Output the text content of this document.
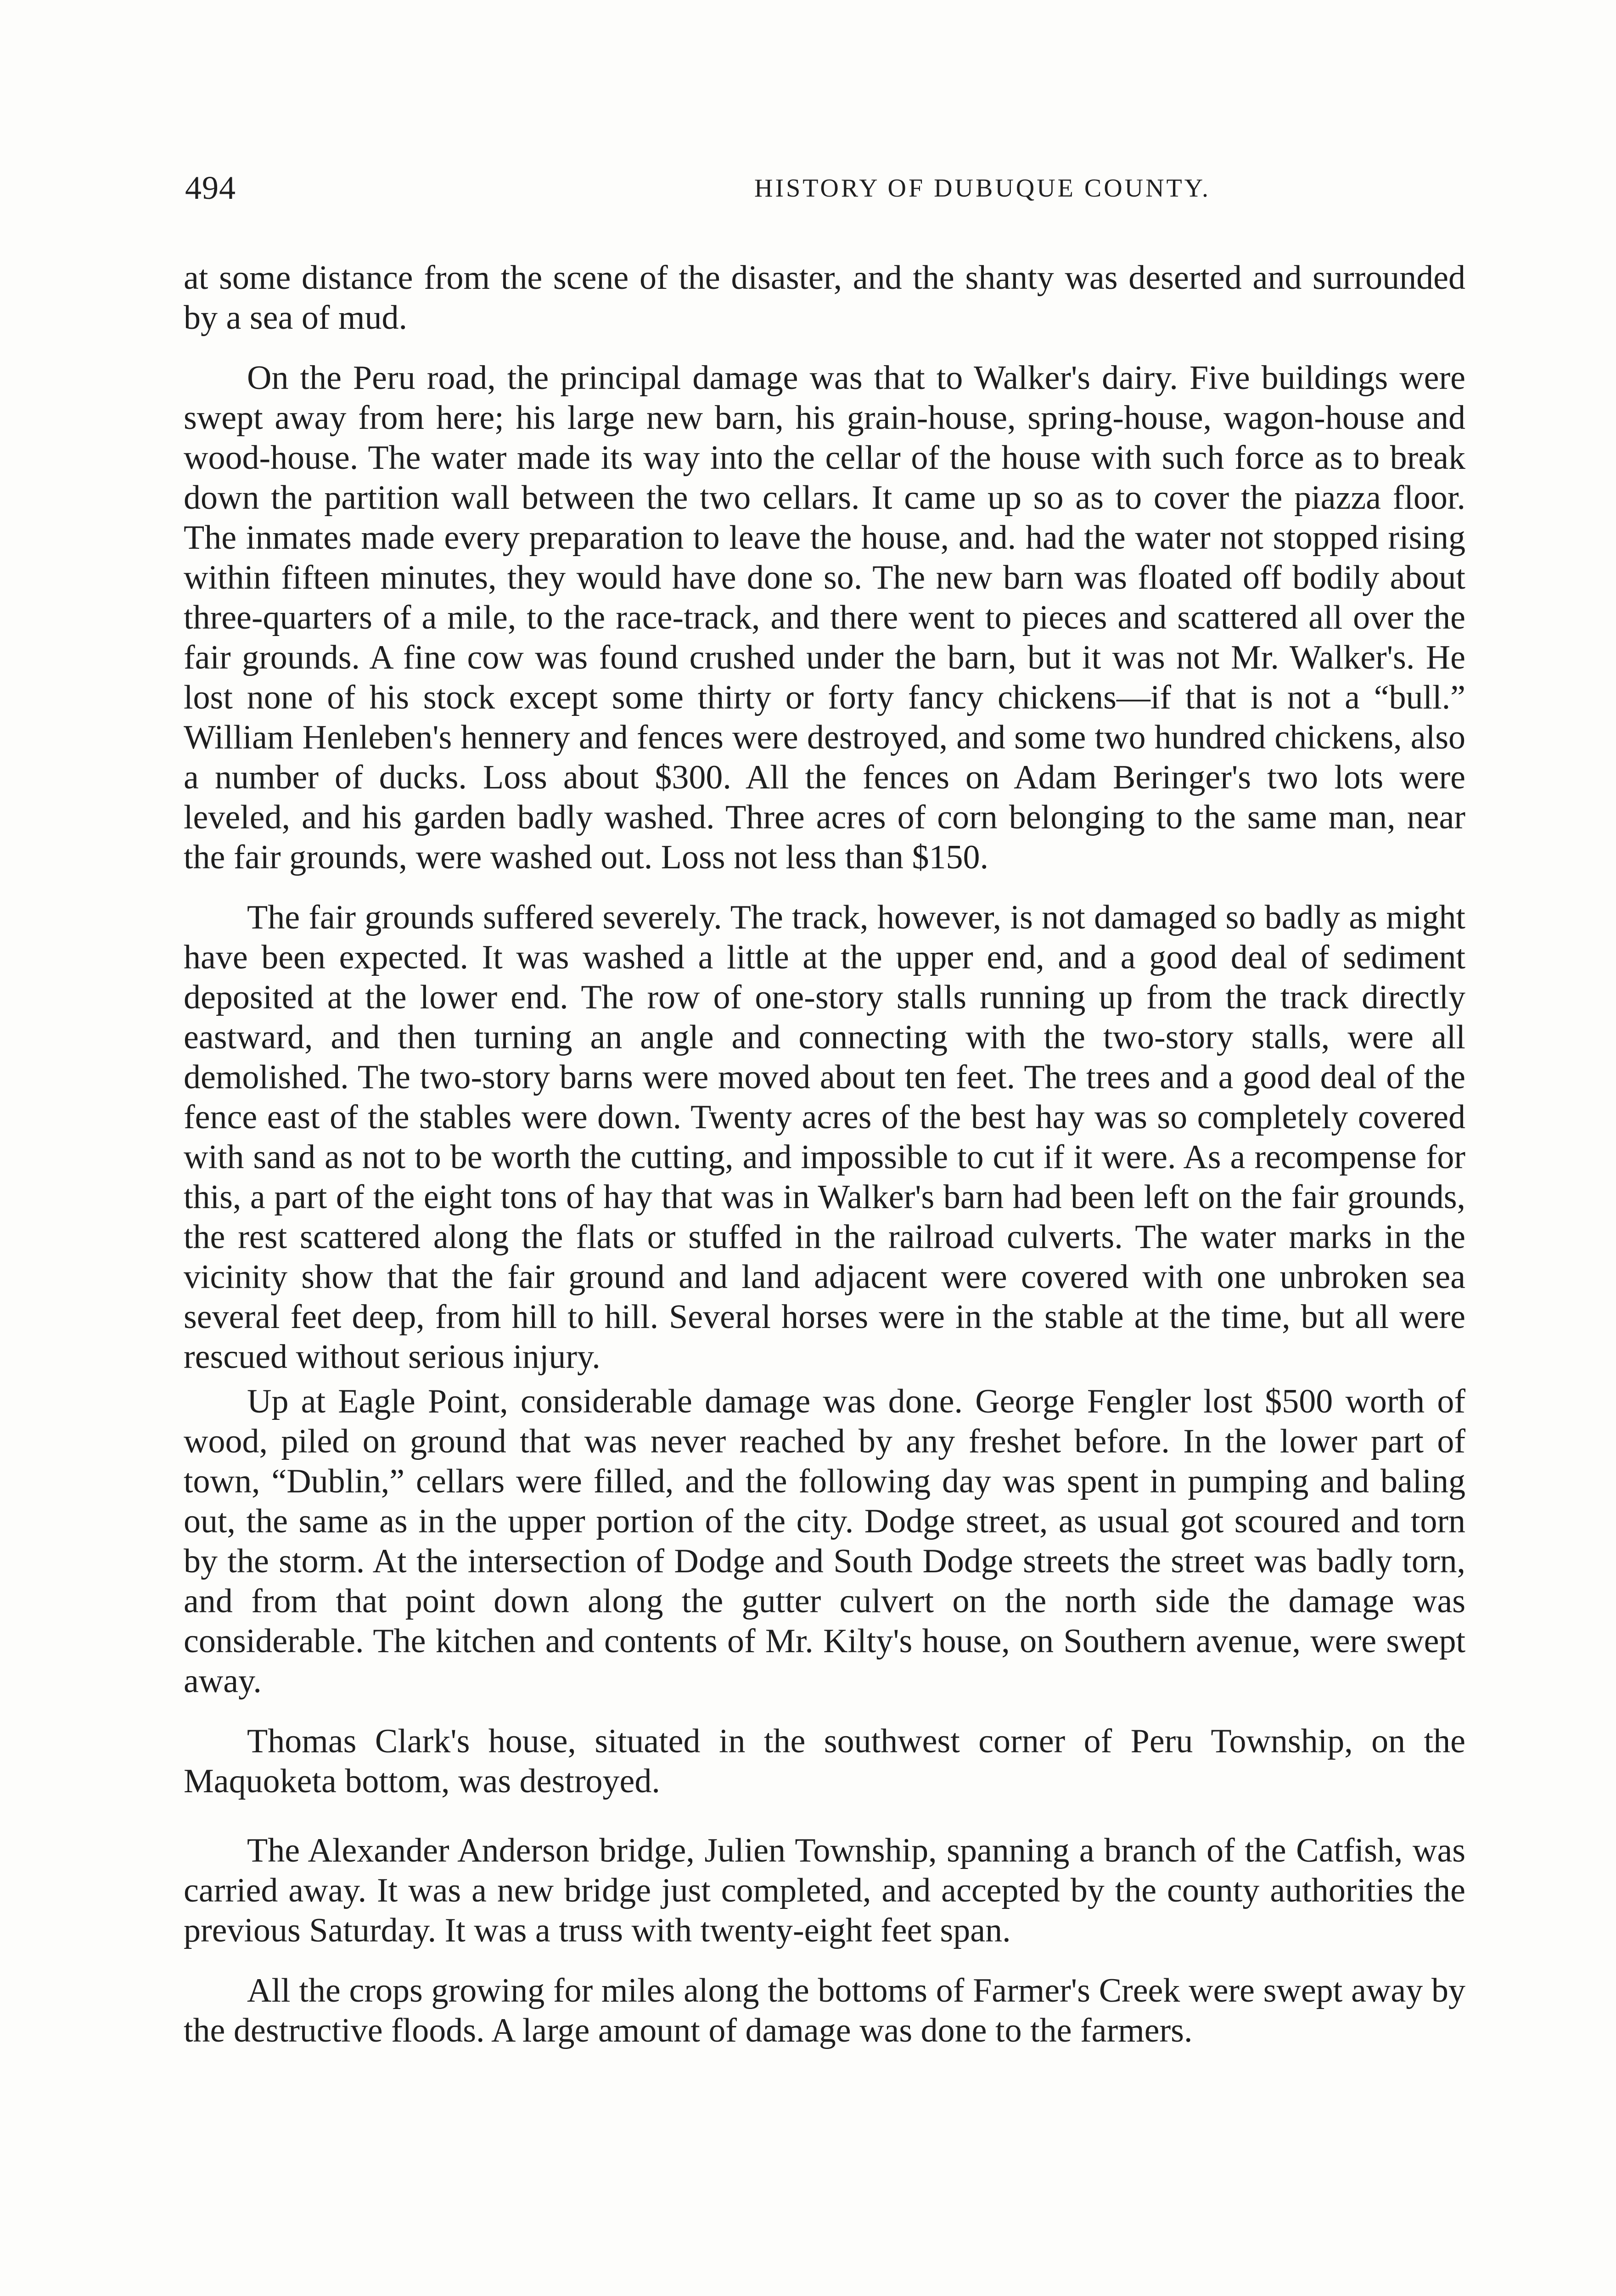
494	HISTORY OF DUBUQUE COUNTY.

at some distance from the scene of the disaster, and the shanty was deserted and surrounded by a sea of mud.

On the Peru road, the principal damage was that to Walker's dairy. Five buildings were swept away from here; his large new barn, his grain-house, spring-house, wagon-house and wood-house. The water made its way into the cellar of the house with such force as to break down the partition wall between the two cellars. It came up so as to cover the piazza floor. The inmates made every preparation to leave the house, and. had the water not stopped rising within fifteen minutes, they would have done so. The new barn was floated off bodily about three-quarters of a mile, to the race-track, and there went to pieces and scattered all over the fair grounds. A fine cow was found crushed under the barn, but it was not Mr. Walker's. He lost none of his stock except some thirty or forty fancy chickens—if that is not a “bull.” William Henleben's hennery and fences were destroyed, and some two hundred chickens, also a number of ducks. Loss about $300. All the fences on Adam Beringer's two lots were leveled, and his garden badly washed. Three acres of corn belonging to the same man, near the fair grounds, were washed out. Loss not less than $150.

The fair grounds suffered severely. The track, however, is not damaged so badly as might have been expected. It was washed a little at the upper end, and a good deal of sediment deposited at the lower end. The row of one-story stalls running up from the track directly eastward, and then turning an angle and connecting with the two-story stalls, were all demolished. The two-story barns were moved about ten feet. The trees and a good deal of the fence east of the stables were down. Twenty acres of the best hay was so completely covered with sand as not to be worth the cutting, and impossible to cut if it were. As a recompense for this, a part of the eight tons of hay that was in Walker's barn had been left on the fair grounds, the rest scattered along the flats or stuffed in the railroad culverts. The water marks in the vicinity show that the fair ground and land adjacent were covered with one unbroken sea several feet deep, from hill to hill. Several horses were in the stable at the time, but all were rescued without serious injury.

Up at Eagle Point, considerable damage was done. George Fengler lost $500 worth of wood, piled on ground that was never reached by any freshet before. In the lower part of town, “Dublin,” cellars were filled, and the following day was spent in pumping and baling out, the same as in the upper portion of the city. Dodge street, as usual got scoured and torn by the storm. At the intersection of Dodge and South Dodge streets the street was badly torn, and from that point down along the gutter culvert on the north side the damage was considerable. The kitchen and contents of Mr. Kilty's house, on Southern avenue, were swept away.

Thomas Clark's house, situated in the southwest corner of Peru Township, on the Maquoketa bottom, was destroyed.

The Alexander Anderson bridge, Julien Township, spanning a branch of the Catfish, was carried away. It was a new bridge just completed, and accepted by the county authorities the previous Saturday. It was a truss with twenty-eight feet span.

All the crops growing for miles along the bottoms of Farmer's Creek were swept away by the destructive floods. A large amount of damage was done to the farmers.
